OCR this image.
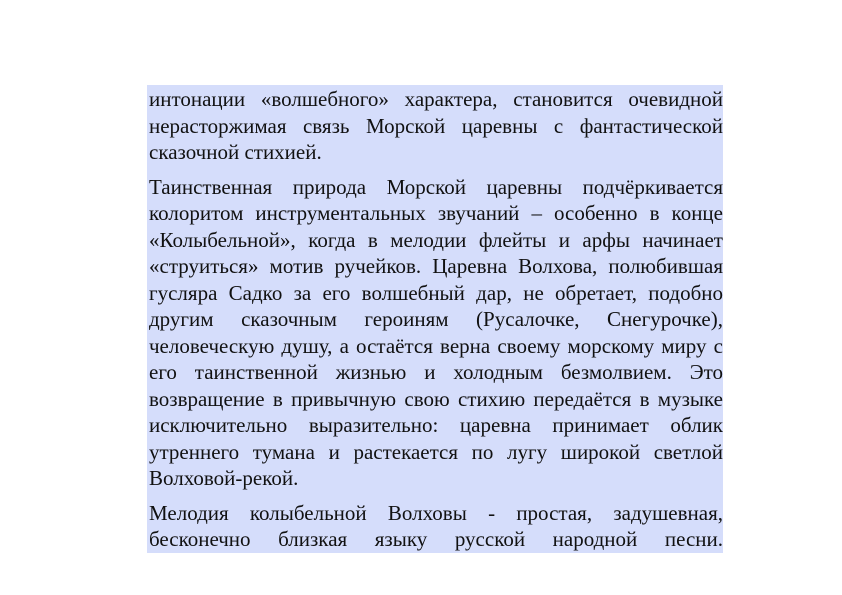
интонации «волшебного» характера, становится очевидной нерасторжимая связь Морской царевны с фантастической сказочной стихией.

Таинственная природа Морской царевны подчёркивается колоритом инструментальных звучаний – особенно в конце «Колыбельной», когда в мелодии флейты и арфы начинает «струиться» мотив ручейков. Царевна Волхова, полюбившая гусляра Садко за его волшебный дар, не обретает, подобно другим сказочным героиням (Русалочке, Снегурочке), человеческую душу, а остаётся верна своему морскому миру с его таинственной жизнью и холодным безмолвием. Это возвращение в привычную свою стихию передаётся в музыке исключительно выразительно: царевна принимает облик утреннего тумана и растекается по лугу широкой светлой Волховой-рекой.

Мелодия колыбельной Волховы - простая, задушевная, бесконечно близкая языку русской народной песни.
